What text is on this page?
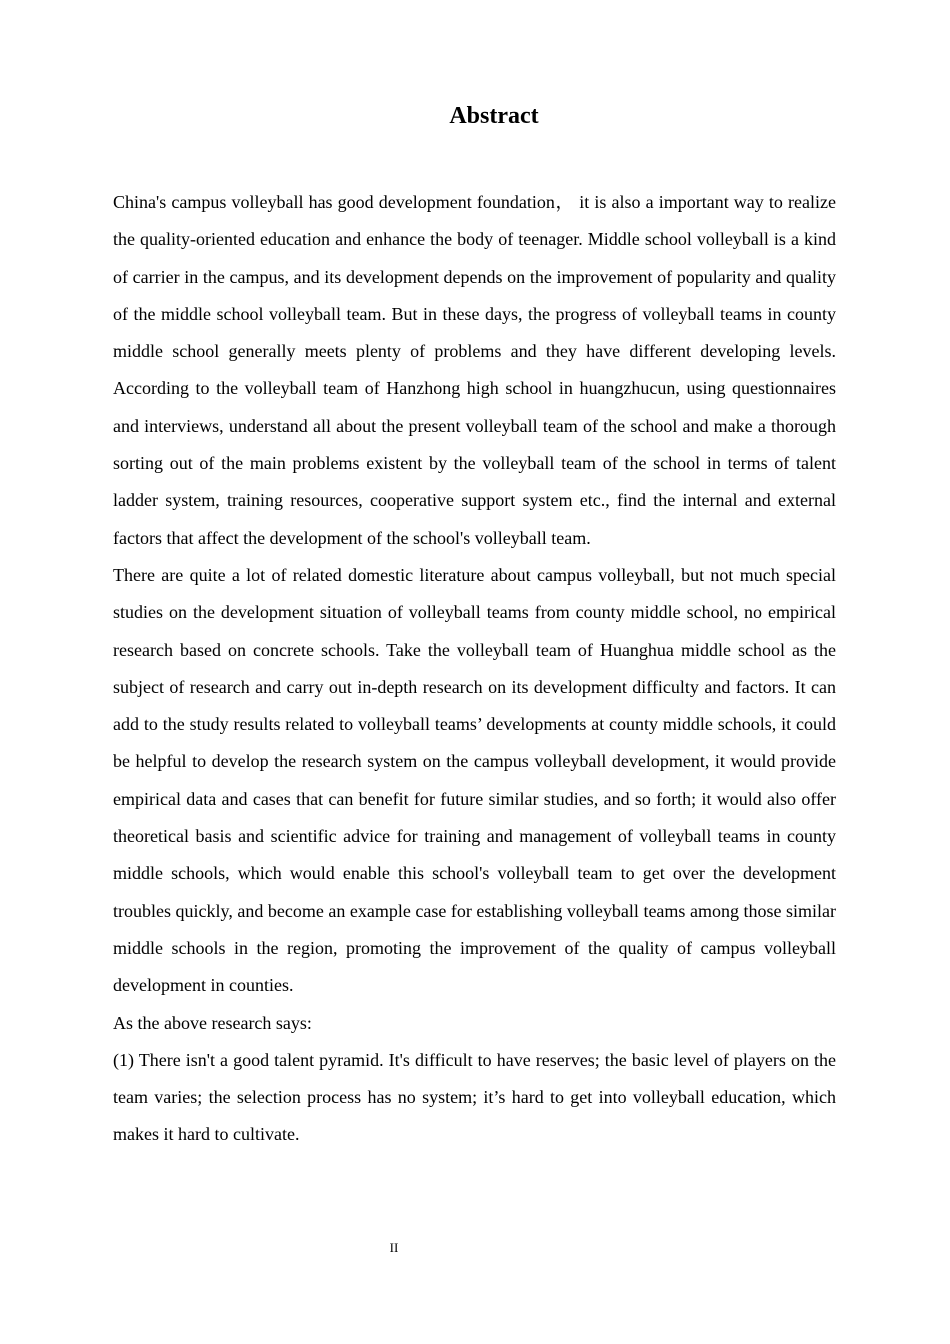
Abstract

China's campus volleyball has good development foundation， it is also a important way to realize the quality-oriented education and enhance the body of teenager. Middle school volleyball is a kind of carrier in the campus, and its development depends on the improvement of popularity and quality of the middle school volleyball team. But in these days, the progress of volleyball teams in county middle school generally meets plenty of problems and they have different developing levels. According to the volleyball team of Hanzhong high school in huangzhucun, using questionnaires and interviews, understand all about the present volleyball team of the school and make a thorough sorting out of the main problems existent by the volleyball team of the school in terms of talent ladder system, training resources, cooperative support system etc., find the internal and external factors that affect the development of the school's volleyball team.

There are quite a lot of related domestic literature about campus volleyball, but not much special studies on the development situation of volleyball teams from county middle school, no empirical research based on concrete schools. Take the volleyball team of Huanghua middle school as the subject of research and carry out in-depth research on its development difficulty and factors. It can add to the study results related to volleyball teams’ developments at county middle schools, it could be helpful to develop the research system on the campus volleyball development, it would provide empirical data and cases that can benefit for future similar studies, and so forth; it would also offer theoretical basis and scientific advice for training and management of volleyball teams in county middle schools, which would enable this school's volleyball team to get over the development troubles quickly, and become an example case for establishing volleyball teams among those similar middle schools in the region, promoting the improvement of the quality of campus volleyball development in counties.

As the above research says:

(1) There isn't a good talent pyramid. It's difficult to have reserves; the basic level of players on the team varies; the selection process has no system; it’s hard to get into volleyball education, which makes it hard to cultivate.

II
